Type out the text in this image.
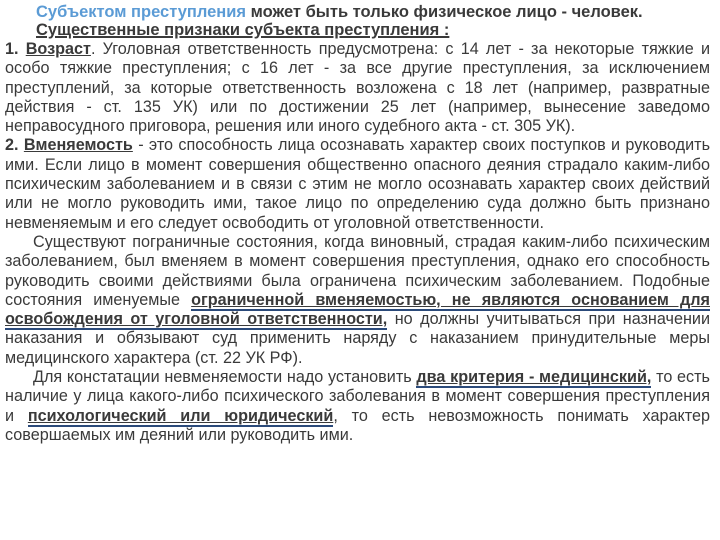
Субъектом преступления может быть только физическое лицо - человек.
Существенные признаки субъекта преступления :

1. Возраст. Уголовная ответственность предусмотрена: с 14 лет - за некоторые тяжкие и особо тяжкие преступления; с 16 лет - за все другие преступления, за исключением преступлений, за которые ответственность возложена с 18 лет (например, развратные действия - ст. 135 УК) или по достижении 25 лет (например, вынесение заведомо неправосудного приговора, решения или иного судебного акта - ст. 305 УК).

2. Вменяемость - это способность лица осознавать характер своих поступков и руководить ими. Если лицо в момент совершения общественно опасного деяния страдало каким-либо психическим заболеванием и в связи с этим не могло осознавать характер своих действий или не могло руководить ими, такое лицо по определению суда должно быть признано невменяемым и его следует освободить от уголовной ответственности.

Существуют пограничные состояния, когда виновный, страдая каким-либо психическим заболеванием, был вменяем в момент совершения преступления, однако его способность руководить своими действиями была ограничена психическим заболеванием. Подобные состояния именуемые ограниченной вменяемостью, не являются основанием для освобождения от уголовной ответственности, но должны учитываться при назначении наказания и обязывают суд применить наряду с наказанием принудительные меры медицинского характера (ст. 22 УК РФ).

Для констатации невменяемости надо установить два критерия - медицинский, то есть наличие у лица какого-либо психического заболевания в момент совершения преступления и психологический или юридический, то есть невозможность понимать характер совершаемых им деяний или руководить ими.
